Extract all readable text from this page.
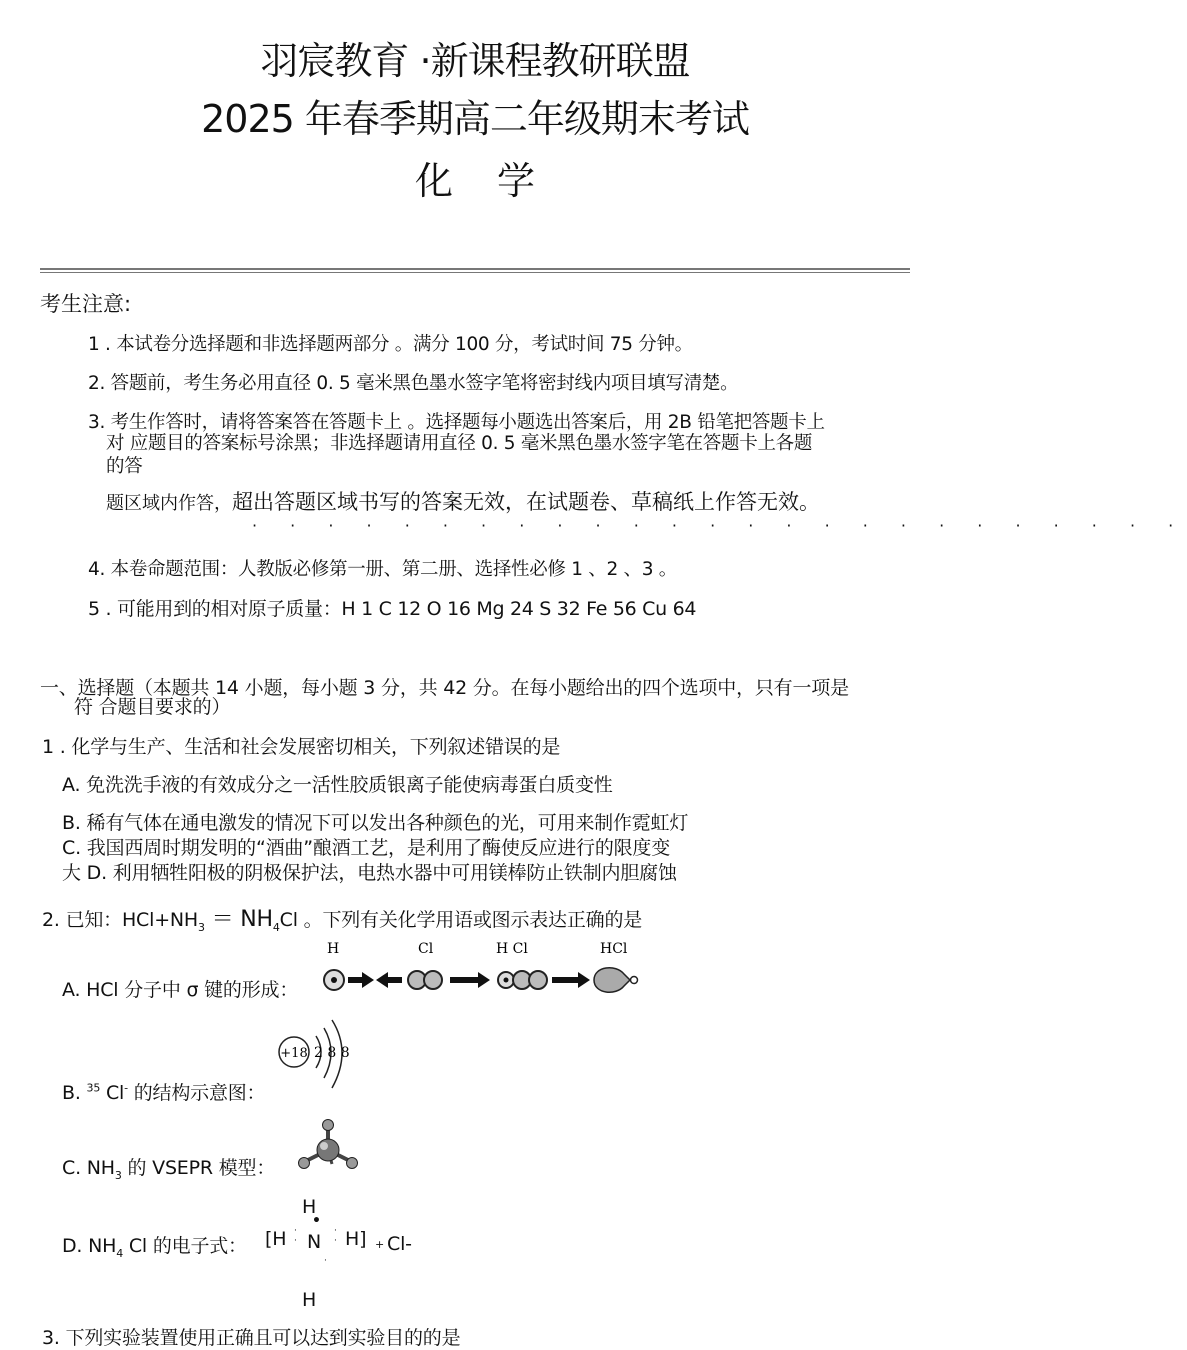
羽宸教育 ·新课程教研联盟
2025 年春季期高二年级期末考试
化学
考生注意:
1 . 本试卷分选择题和非选择题两部分 。满分 100 分，考试时间 75 分钟。
2. 答题前，考生务必用直径 0. 5 毫米黑色墨水签字笔将密封线内项目填写清楚。
3. 考生作答时，请将答案答在答题卡上 。选择题每小题选出答案后，用 2B 铅笔把答题卡上
对 应题目的答案标号涂黑；非选择题请用直径 0. 5 毫米黑色墨水签字笔在答题卡上各题
的答
题区域内作答，超出答题区域书写的答案无效，在试题卷、草稿纸上作答无效。
· · · · · · · · · · · · · · · · · · · · · · · · ·
4. 本卷命题范围：人教版必修第一册、第二册、选择性必修 1 、2 、3 。
5 . 可能用到的相对原子质量：H 1 C 12 O 16 Mg 24 S 32 Fe 56 Cu 64
一、选择题（本题共 14 小题，每小题 3 分，共 42 分。在每小题给出的四个选项中，只有一项是
符 合题目要求的）
1 . 化学与生产、生活和社会发展密切相关，下列叙述错误的是
A. 免洗洗手液的有效成分之一活性胶质银离子能使病毒蛋白质变性
B. 稀有气体在通电激发的情况下可以发出各种颜色的光，可用来制作霓虹灯
C. 我国西周时期发明的“酒曲”酿酒工艺，是利用了酶使反应进行的限度变
大 D. 利用牺牲阳极的阴极保护法，电热水器中可用镁棒防止铁制内胆腐蚀
2. 已知：$HCl+NH_3 = NH_4Cl$ 。下列有关化学用语或图示表达正确的是
A. HCl 分子中 σ 键的形成：
H	Cl	H Cl	HCl
B. $^{35}$ Cl- 的结构示意图：
+18 2 8 8
C. $NH_3$ 的 VSEPR 模型：
D. $NH_4$ Cl 的电子式：
H
•
[H ·
· N ·
· H] + Cl-
·
H
3. 下列实验装置使用正确且可以达到实验目的的是
